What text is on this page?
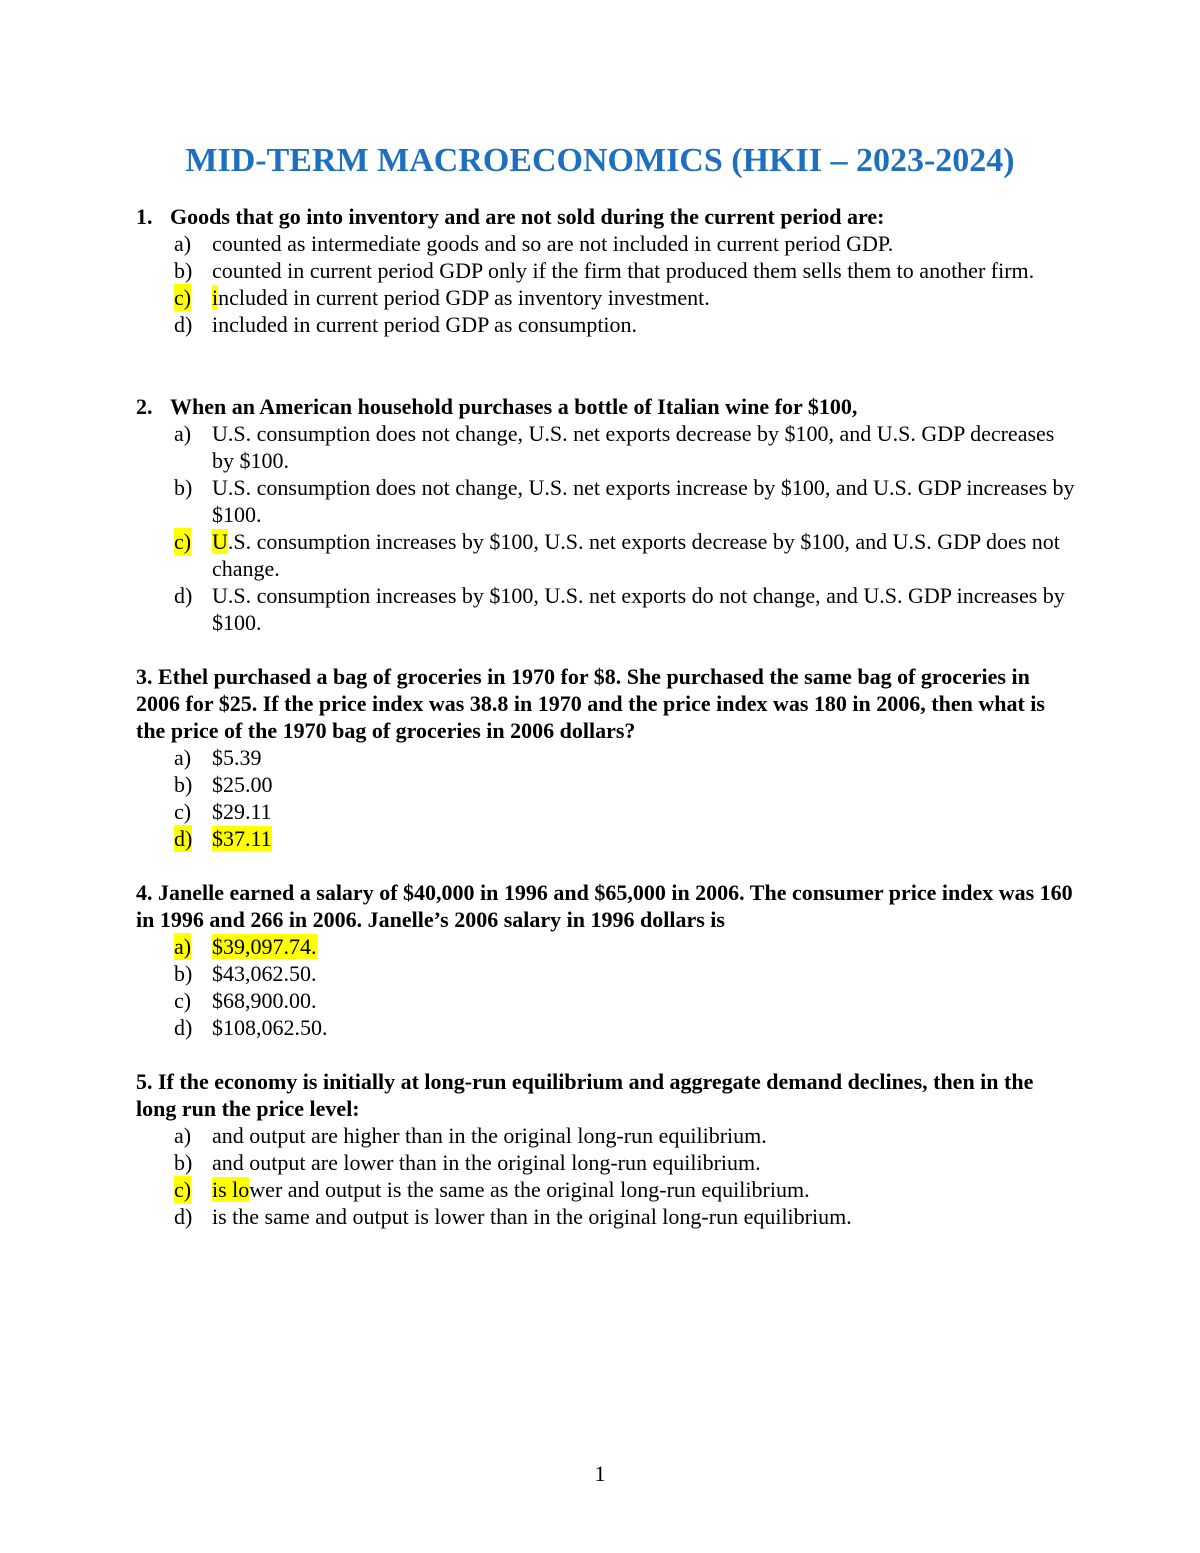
MID-TERM MACROECONOMICS (HKII – 2023-2024)
1. Goods that go into inventory and are not sold during the current period are:
a) counted as intermediate goods and so are not included in current period GDP.
b) counted in current period GDP only if the firm that produced them sells them to another firm.
c) included in current period GDP as inventory investment.
d) included in current period GDP as consumption.
2. When an American household purchases a bottle of Italian wine for $100,
a) U.S. consumption does not change, U.S. net exports decrease by $100, and U.S. GDP decreases by $100.
b) U.S. consumption does not change, U.S. net exports increase by $100, and U.S. GDP increases by $100.
c) U.S. consumption increases by $100, U.S. net exports decrease by $100, and U.S. GDP does not change.
d) U.S. consumption increases by $100, U.S. net exports do not change, and U.S. GDP increases by $100.
3. Ethel purchased a bag of groceries in 1970 for $8. She purchased the same bag of groceries in 2006 for $25. If the price index was 38.8 in 1970 and the price index was 180 in 2006, then what is the price of the 1970 bag of groceries in 2006 dollars?
a) $5.39
b) $25.00
c) $29.11
d) $37.11
4. Janelle earned a salary of $40,000 in 1996 and $65,000 in 2006. The consumer price index was 160 in 1996 and 266 in 2006. Janelle’s 2006 salary in 1996 dollars is
a) $39,097.74.
b) $43,062.50.
c) $68,900.00.
d) $108,062.50.
5. If the economy is initially at long-run equilibrium and aggregate demand declines, then in the long run the price level:
a) and output are higher than in the original long-run equilibrium.
b) and output are lower than in the original long-run equilibrium.
c) is lower and output is the same as the original long-run equilibrium.
d) is the same and output is lower than in the original long-run equilibrium.
1
